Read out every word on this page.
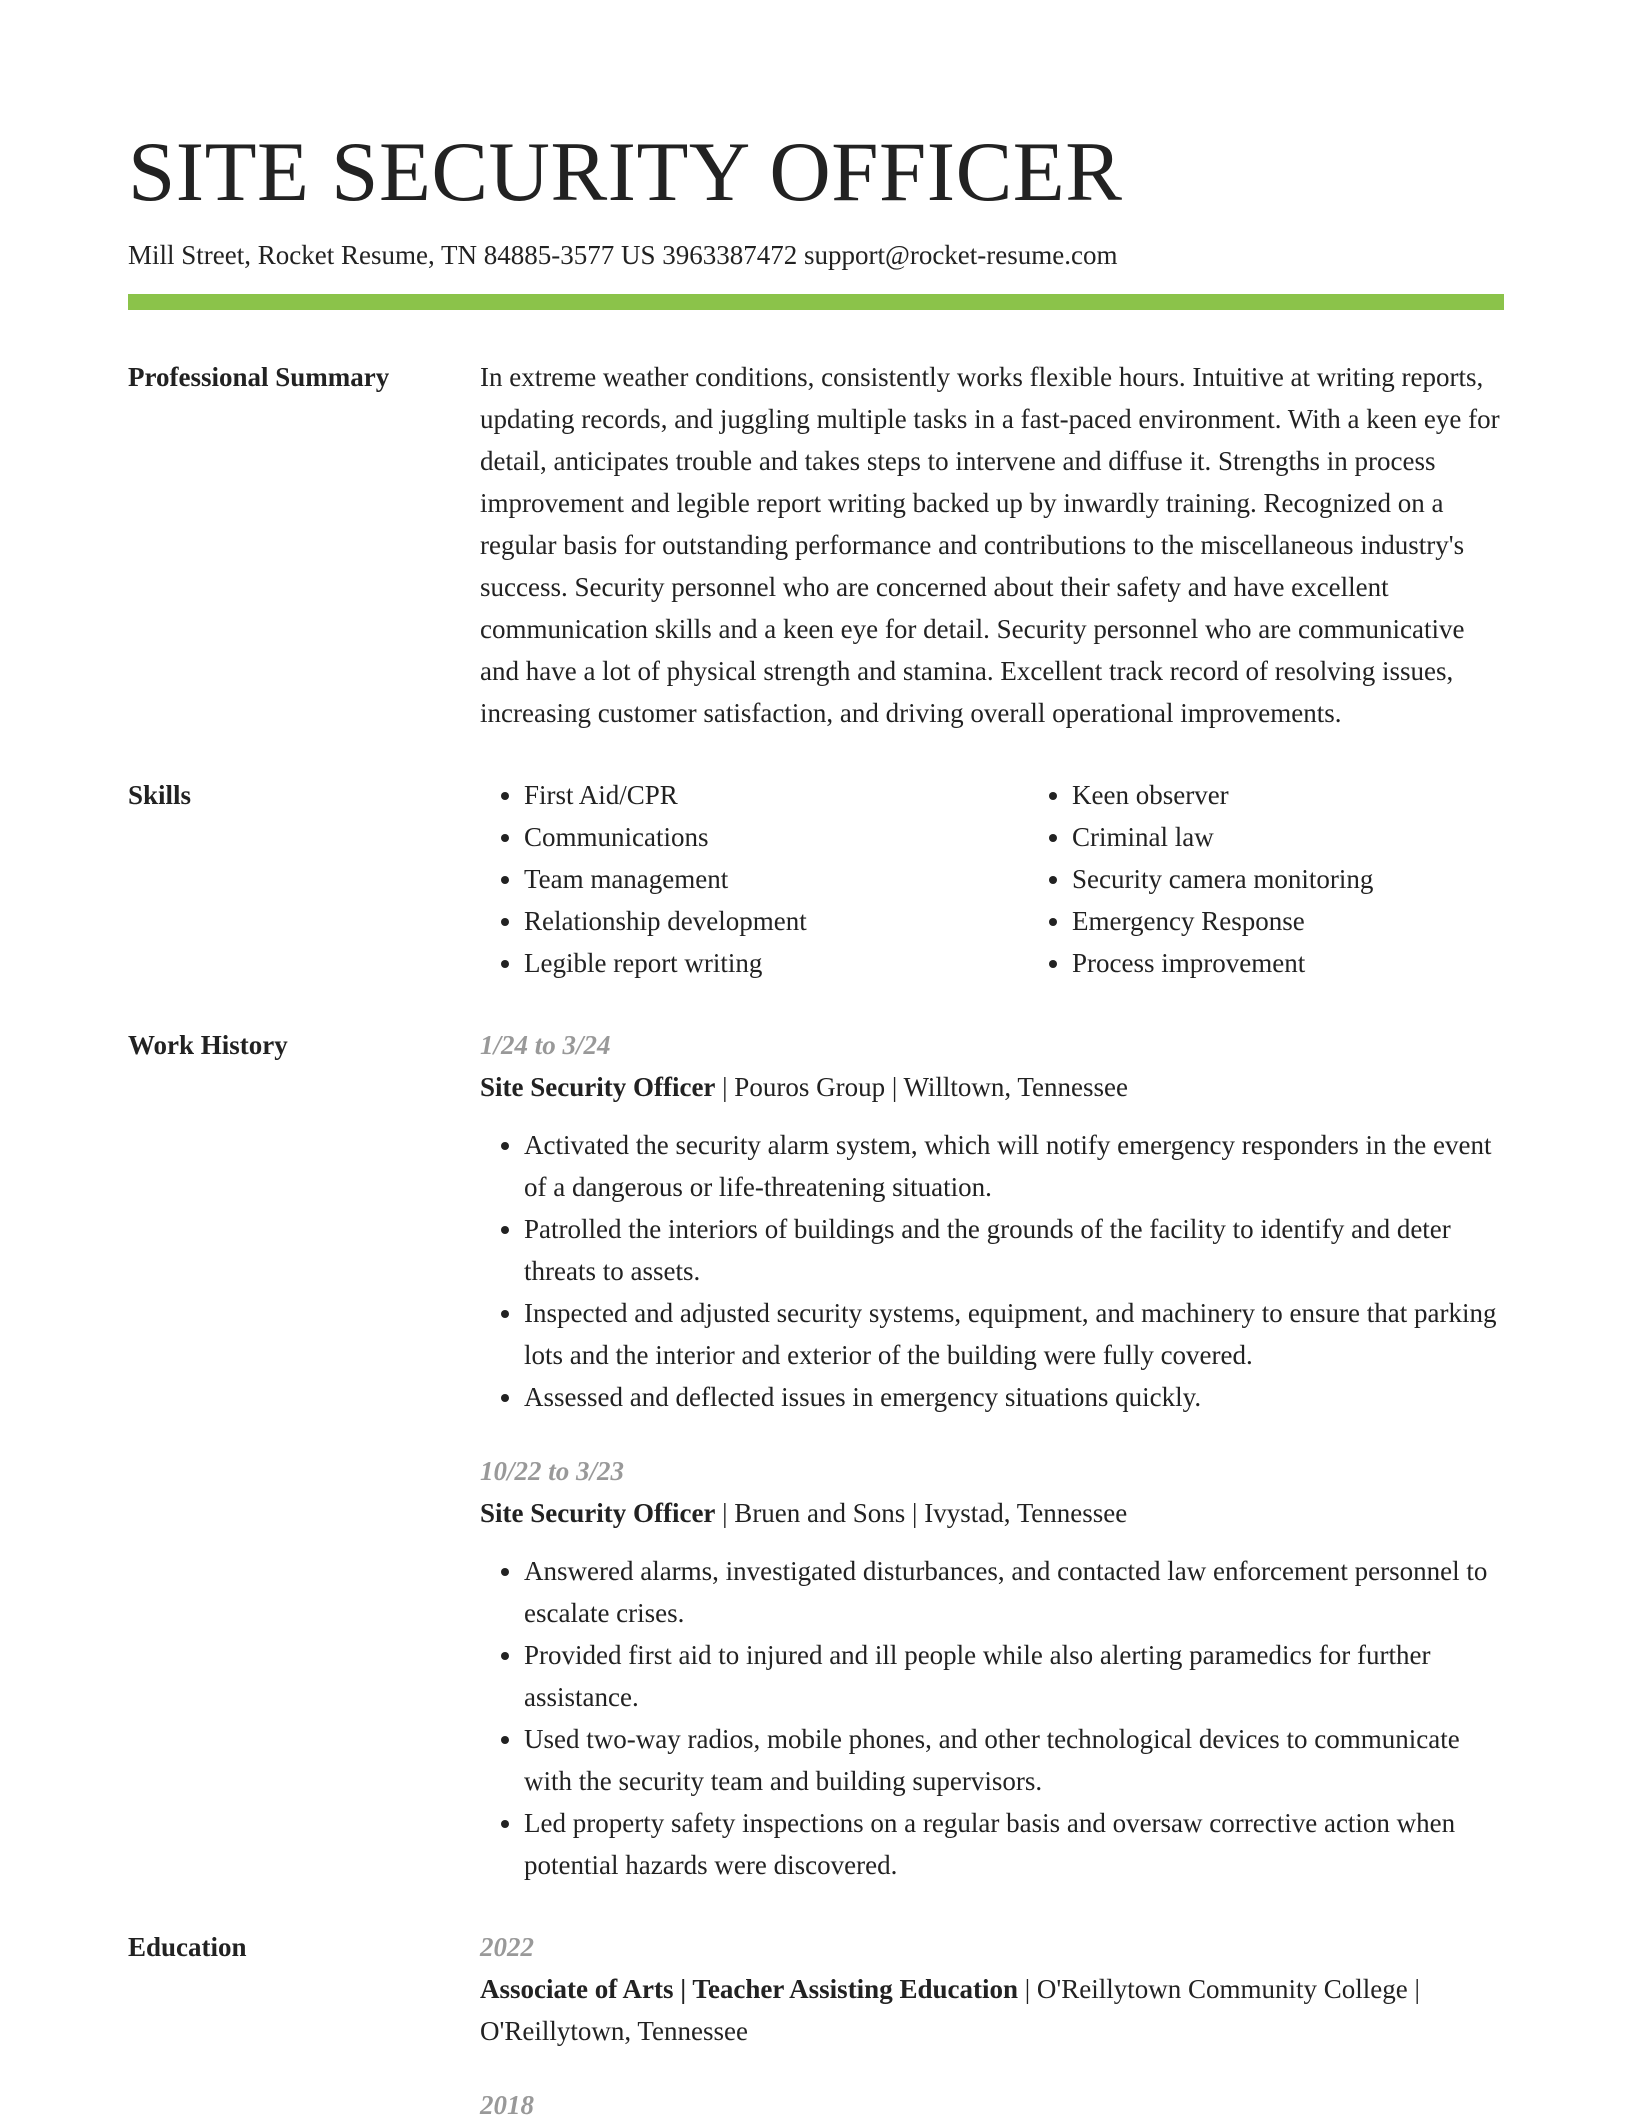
SITE SECURITY OFFICER
Mill Street, Rocket Resume, TN 84885-3577 US 3963387472 support@rocket-resume.com
Professional Summary	In extreme weather conditions, consistently works flexible hours. Intuitive at writing reports, updating records, and juggling multiple tasks in a fast-paced environment. With a keen eye for detail, anticipates trouble and takes steps to intervene and diffuse it. Strengths in process improvement and legible report writing backed up by inwardly training. Recognized on a regular basis for outstanding performance and contributions to the miscellaneous industry's success. Security personnel who are concerned about their safety and have excellent communication skills and a keen eye for detail. Security personnel who are communicative and have a lot of physical strength and stamina. Excellent track record of resolving issues, increasing customer satisfaction, and driving overall operational improvements.

Skills
•	First Aid/CPR
• Communications
• Team management
• Relationship development
• Legible report writing
• Keen observer
• Criminal law
• Security camera monitoring
• Emergency Response
• Process improvement
Work History	1/24 to 3/24
Site Security Officer | Pouros Group | Willtown, Tennessee
• Activated the security alarm system, which will notify emergency responders in the event of a dangerous or life-threatening situation.
• Patrolled the interiors of buildings and the grounds of the facility to identify and deter threats to assets.
• Inspected and adjusted security systems, equipment, and machinery to ensure that parking lots and the interior and exterior of the building were fully covered.
• Assessed and deflected issues in emergency situations quickly.
10/22 to 3/23
Site Security Officer | Bruen and Sons | Ivystad, Tennessee
• Answered alarms, investigated disturbances, and contacted law enforcement personnel to escalate crises.
• Provided first aid to injured and ill people while also alerting paramedics for further assistance.
• Used two-way radios, mobile phones, and other technological devices to communicate with the security team and building supervisors.
• Led property safety inspections on a regular basis and oversaw corrective action when potential hazards were discovered.
Education	2022
Associate of Arts | Teacher Assisting Education | O'Reillytown Community College | O'Reillytown, Tennessee
2018
